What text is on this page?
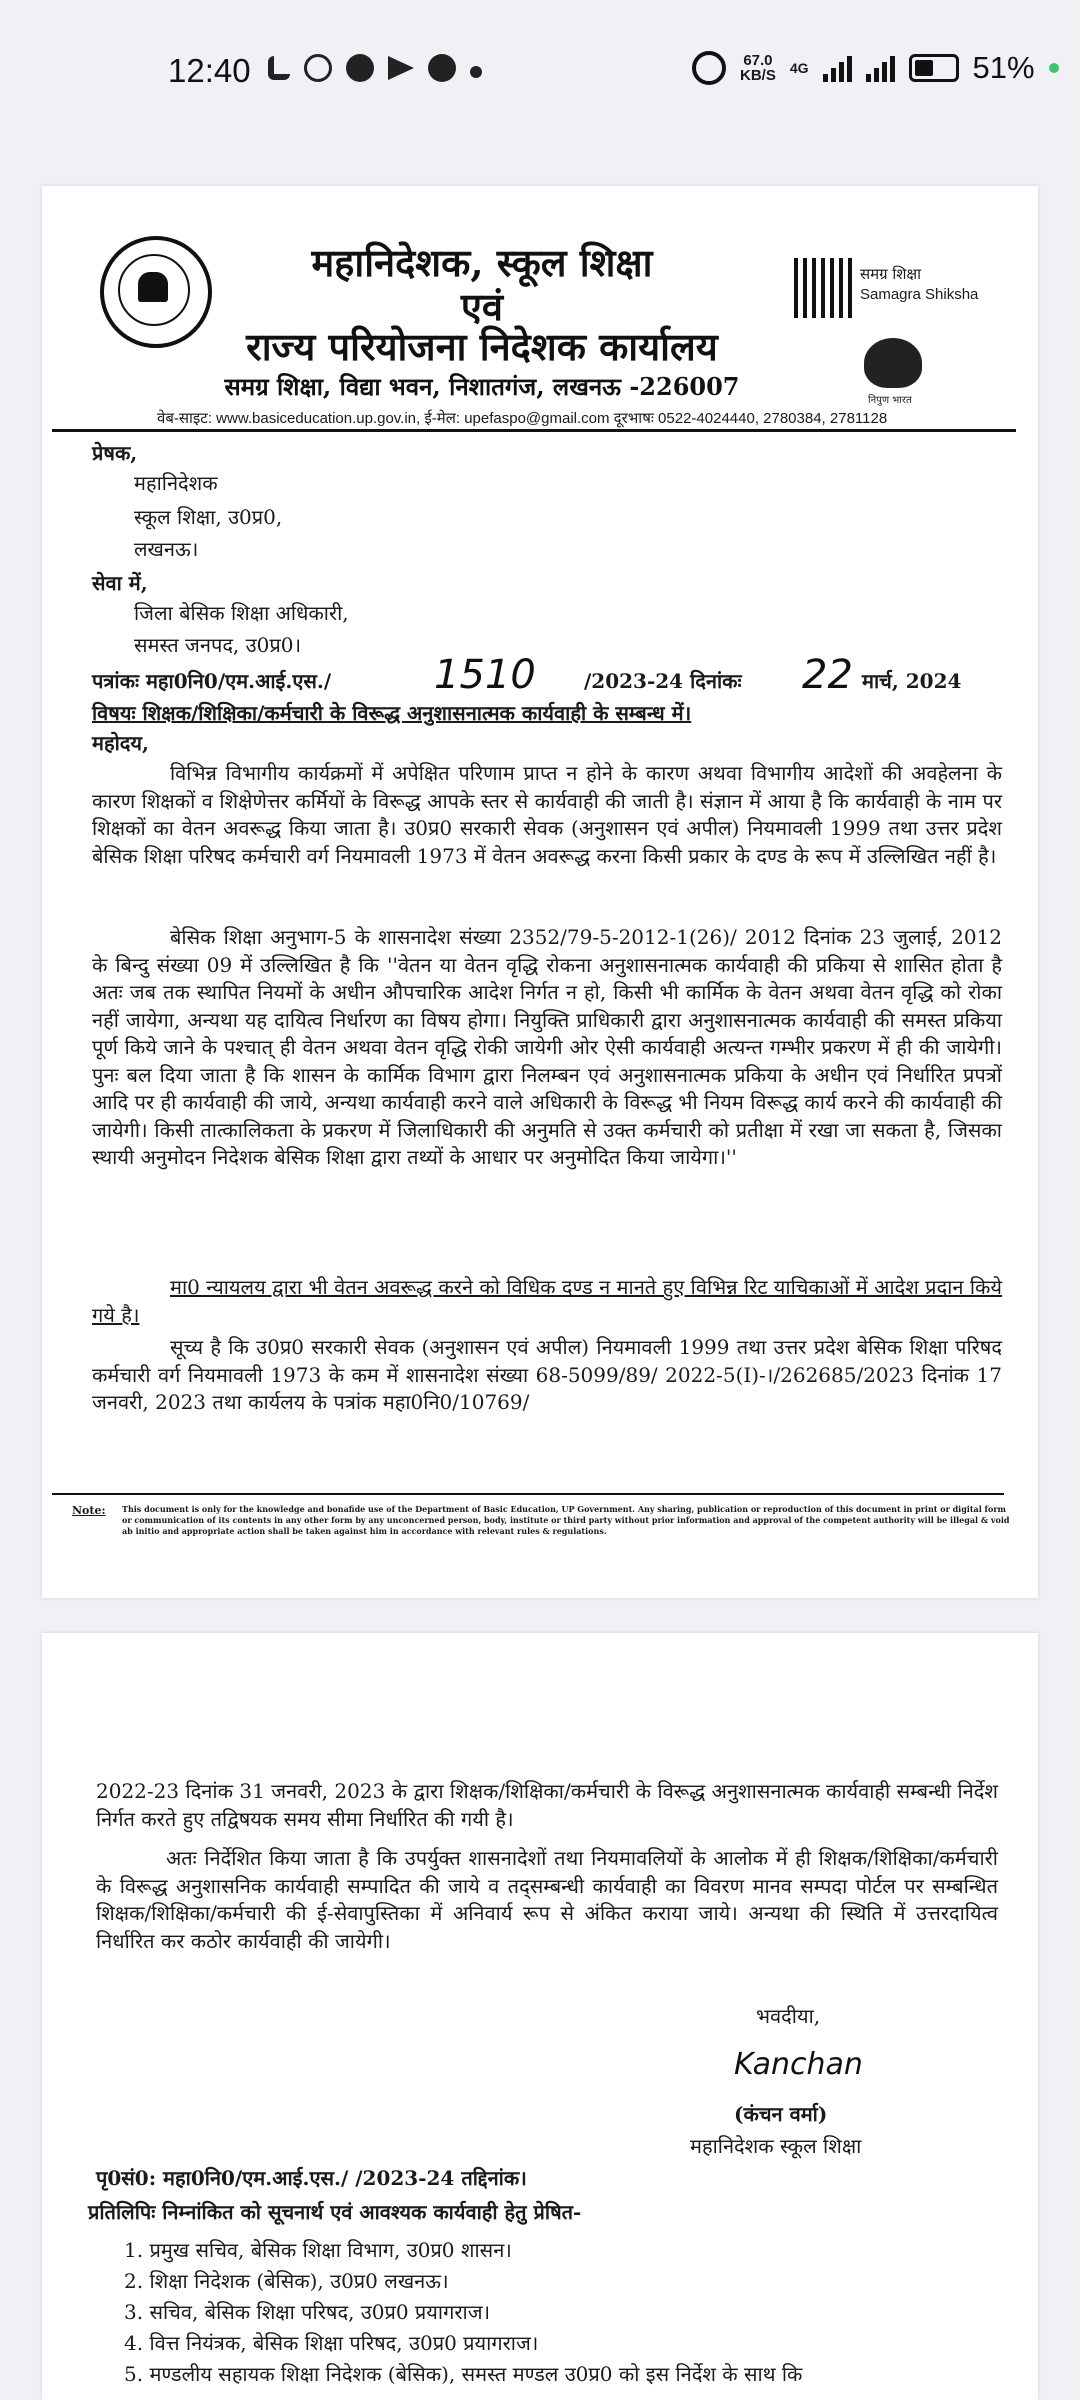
12:40	67.0
KB/S 4G	51%
महानिदेशक, स्कूल शिक्षा
एवं
राज्य परियोजना निदेशक कार्यालय
समग्र शिक्षा, विद्या भवन, निशातगंज, लखनऊ -226007
वेब-साइट: www.basiceducation.up.gov.in, ई-मेल: upefaspo@gmail.com दूरभाषः 0522-4024440, 2780384, 2781128
समग्र शिक्षा
Samagra Shiksha
निपुण भारत
प्रेषक,
महानिदेशक
स्कूल शिक्षा, उ0प्र0,
लखनऊ।
सेवा में,
जिला बेसिक शिक्षा अधिकारी,
समस्त जनपद, उ0प्र0।
पत्रांकः महा0नि0/एम.आई.एस./	1510 /2023-24 दिनांकः 22 मार्च, 2024
विषयः शिक्षक/शिक्षिका/कर्मचारी के विरूद्ध अनुशासनात्मक कार्यवाही के सम्बन्ध में।
महोदय,
विभिन्न विभागीय कार्यक्रमों में अपेक्षित परिणाम प्राप्त न होने के कारण अथवा विभागीय आदेशों की अवहेलना के कारण शिक्षकों व शिक्षेणेत्तर कर्मियों के विरूद्ध आपके स्तर से कार्यवाही की जाती है। संज्ञान में आया है कि कार्यवाही के नाम पर शिक्षकों का वेतन अवरूद्ध किया जाता है। उ0प्र0 सरकारी सेवक (अनुशासन एवं अपील) नियमावली 1999 तथा उत्तर प्रदेश बेसिक शिक्षा परिषद कर्मचारी वर्ग नियमावली 1973 में वेतन अवरूद्ध करना किसी प्रकार के दण्ड के रूप में उल्लिखित नहीं है।
बेसिक शिक्षा अनुभाग-5 के शासनादेश संख्या 2352/79-5-2012-1(26)/ 2012 दिनांक 23 जुलाई, 2012 के बिन्दु संख्या 09 में उल्लिखित है कि ''वेतन या वेतन वृद्धि रोकना अनुशासनात्मक कार्यवाही की प्रकिया से शासित होता है अतः जब तक स्थापित नियमों के अधीन औपचारिक आदेश निर्गत न हो, किसी भी कार्मिक के वेतन अथवा वेतन वृद्धि को रोका नहीं जायेगा, अन्यथा यह दायित्व निर्धारण का विषय होगा। नियुक्ति प्राधिकारी द्वारा अनुशासनात्मक कार्यवाही की समस्त प्रकिया पूर्ण किये जाने के पश्चात् ही वेतन अथवा वेतन वृद्धि रोकी जायेगी ओर ऐसी कार्यवाही अत्यन्त गम्भीर प्रकरण में ही की जायेगी। पुनः बल दिया जाता है कि शासन के कार्मिक विभाग द्वारा निलम्बन एवं अनुशासनात्मक प्रकिया के अधीन एवं निर्धारित प्रपत्रों आदि पर ही कार्यवाही की जाये, अन्यथा कार्यवाही करने वाले अधिकारी के विरूद्ध भी नियम विरूद्ध कार्य करने की कार्यवाही की जायेगी। किसी तात्कालिकता के प्रकरण में जिलाधिकारी की अनुमति से उक्त कर्मचारी को प्रतीक्षा में रखा जा सकता है, जिसका स्थायी अनुमोदन निदेशक बेसिक शिक्षा द्वारा तथ्यों के आधार पर अनुमोदित किया जायेगा।''
मा0 न्यायलय द्वारा भी वेतन अवरूद्ध करने को विधिक दण्ड न मानते हुए विभिन्न रिट याचिकाओं में आदेश प्रदान किये गये है।
सूच्य है कि उ0प्र0 सरकारी सेवक (अनुशासन एवं अपील) नियमावली 1999 तथा उत्तर प्रदेश बेसिक शिक्षा परिषद कर्मचारी वर्ग नियमावली 1973 के कम में शासनादेश संख्या 68-5099/89/ 2022-5(I)-।/262685/2023 दिनांक 17 जनवरी, 2023 तथा कार्यलय के पत्रांक महा0नि0/10769/
Note: This document is only for the knowledge and bonafide use of the Department of Basic Education, UP Government. Any sharing, publication or reproduction of this document in print or digital form or communication of its contents in any other form by any unconcerned person, body, institute or third party without prior information and approval of the competent authority will be illegal & void ab initio and appropriate action shall be taken against him in accordance with relevant rules & regulations.
2022-23 दिनांक 31 जनवरी, 2023 के द्वारा शिक्षक/शिक्षिका/कर्मचारी के विरूद्ध अनुशासनात्मक कार्यवाही सम्बन्धी निर्देश निर्गत करते हुए तद्विषयक समय सीमा निर्धारित की गयी है।
अतः निर्देशित किया जाता है कि उपर्युक्त शासनादेशों तथा नियमावलियों के आलोक में ही शिक्षक/शिक्षिका/कर्मचारी के विरूद्ध अनुशासनिक कार्यवाही सम्पादित की जाये व तद्सम्बन्धी कार्यवाही का विवरण मानव सम्पदा पोर्टल पर सम्बन्धित शिक्षक/शिक्षिका/कर्मचारी की ई-सेवापुस्तिका में अनिवार्य रूप से अंकित कराया जाये। अन्यथा की स्थिति में उत्तरदायित्व निर्धारित कर कठोर कार्यवाही की जायेगी।
भवदीया,
Kanchan
(कंचन वर्मा)
महानिदेशक स्कूल शिक्षा
पृ0सं0: महा0नि0/एम.आई.एस./ /2023-24 तद्दिनांक।
प्रतिलिपिः निम्नांकित को सूचनार्थ एवं आवश्यक कार्यवाही हेतु प्रेषित-
1. प्रमुख सचिव, बेसिक शिक्षा विभाग, उ0प्र0 शासन।
2. शिक्षा निदेशक (बेसिक), उ0प्र0 लखनऊ।
3. सचिव, बेसिक शिक्षा परिषद, उ0प्र0 प्रयागराज।
4. वित्त नियंत्रक, बेसिक शिक्षा परिषद, उ0प्र0 प्रयागराज।
5. मण्डलीय सहायक शिक्षा निदेशक (बेसिक), समस्त मण्डल उ0प्र0 को इस निर्देश के साथ कि
